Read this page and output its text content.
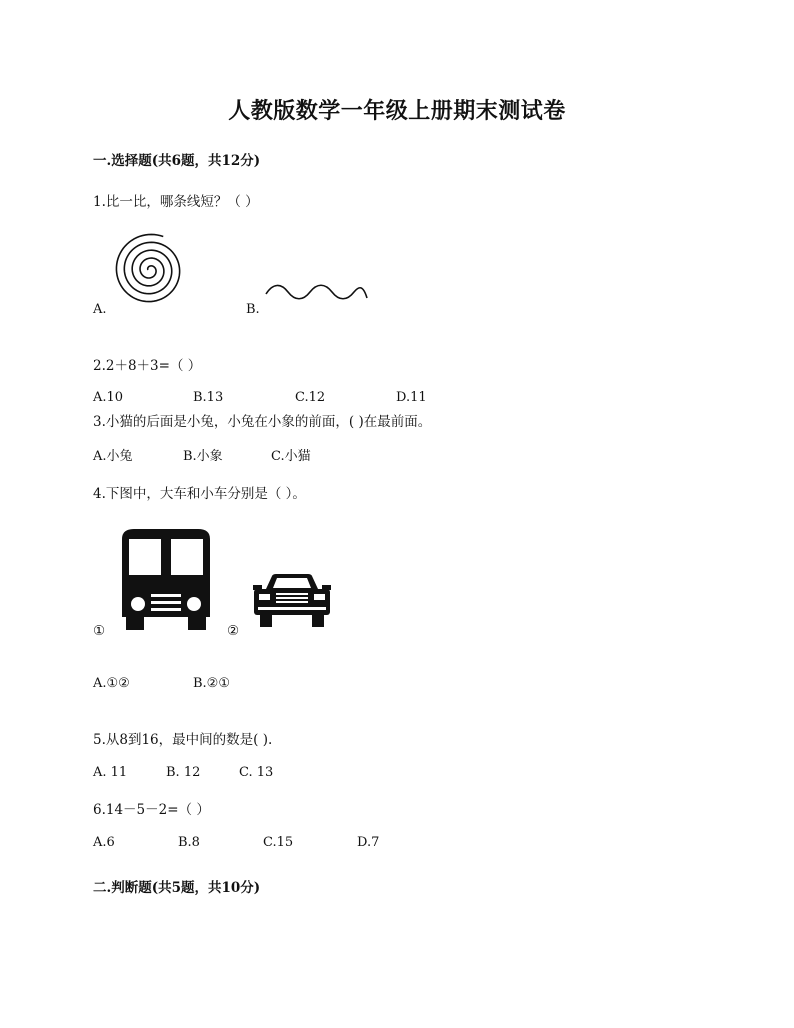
人教版数学一年级上册期末测试卷
一.选择题(共6题，共12分)
1.比一比，哪条线短？（ ）
A.	B.
2.2＋8＋3=（ ）
A.10	B.13	C.12	D.11
3.小猫的后面是小兔，小兔在小象的前面，( )在最前面。
A.小兔	B.小象	C.小猫
4.下图中，大车和小车分别是（ ）。
①	②
A.①②	B.②①
5.从8到16，最中间的数是( ).
A. 11	B. 12	C. 13
6.14－5－2=（ ）
A.6	B.8	C.15	D.7
二.判断题(共5题，共10分)
